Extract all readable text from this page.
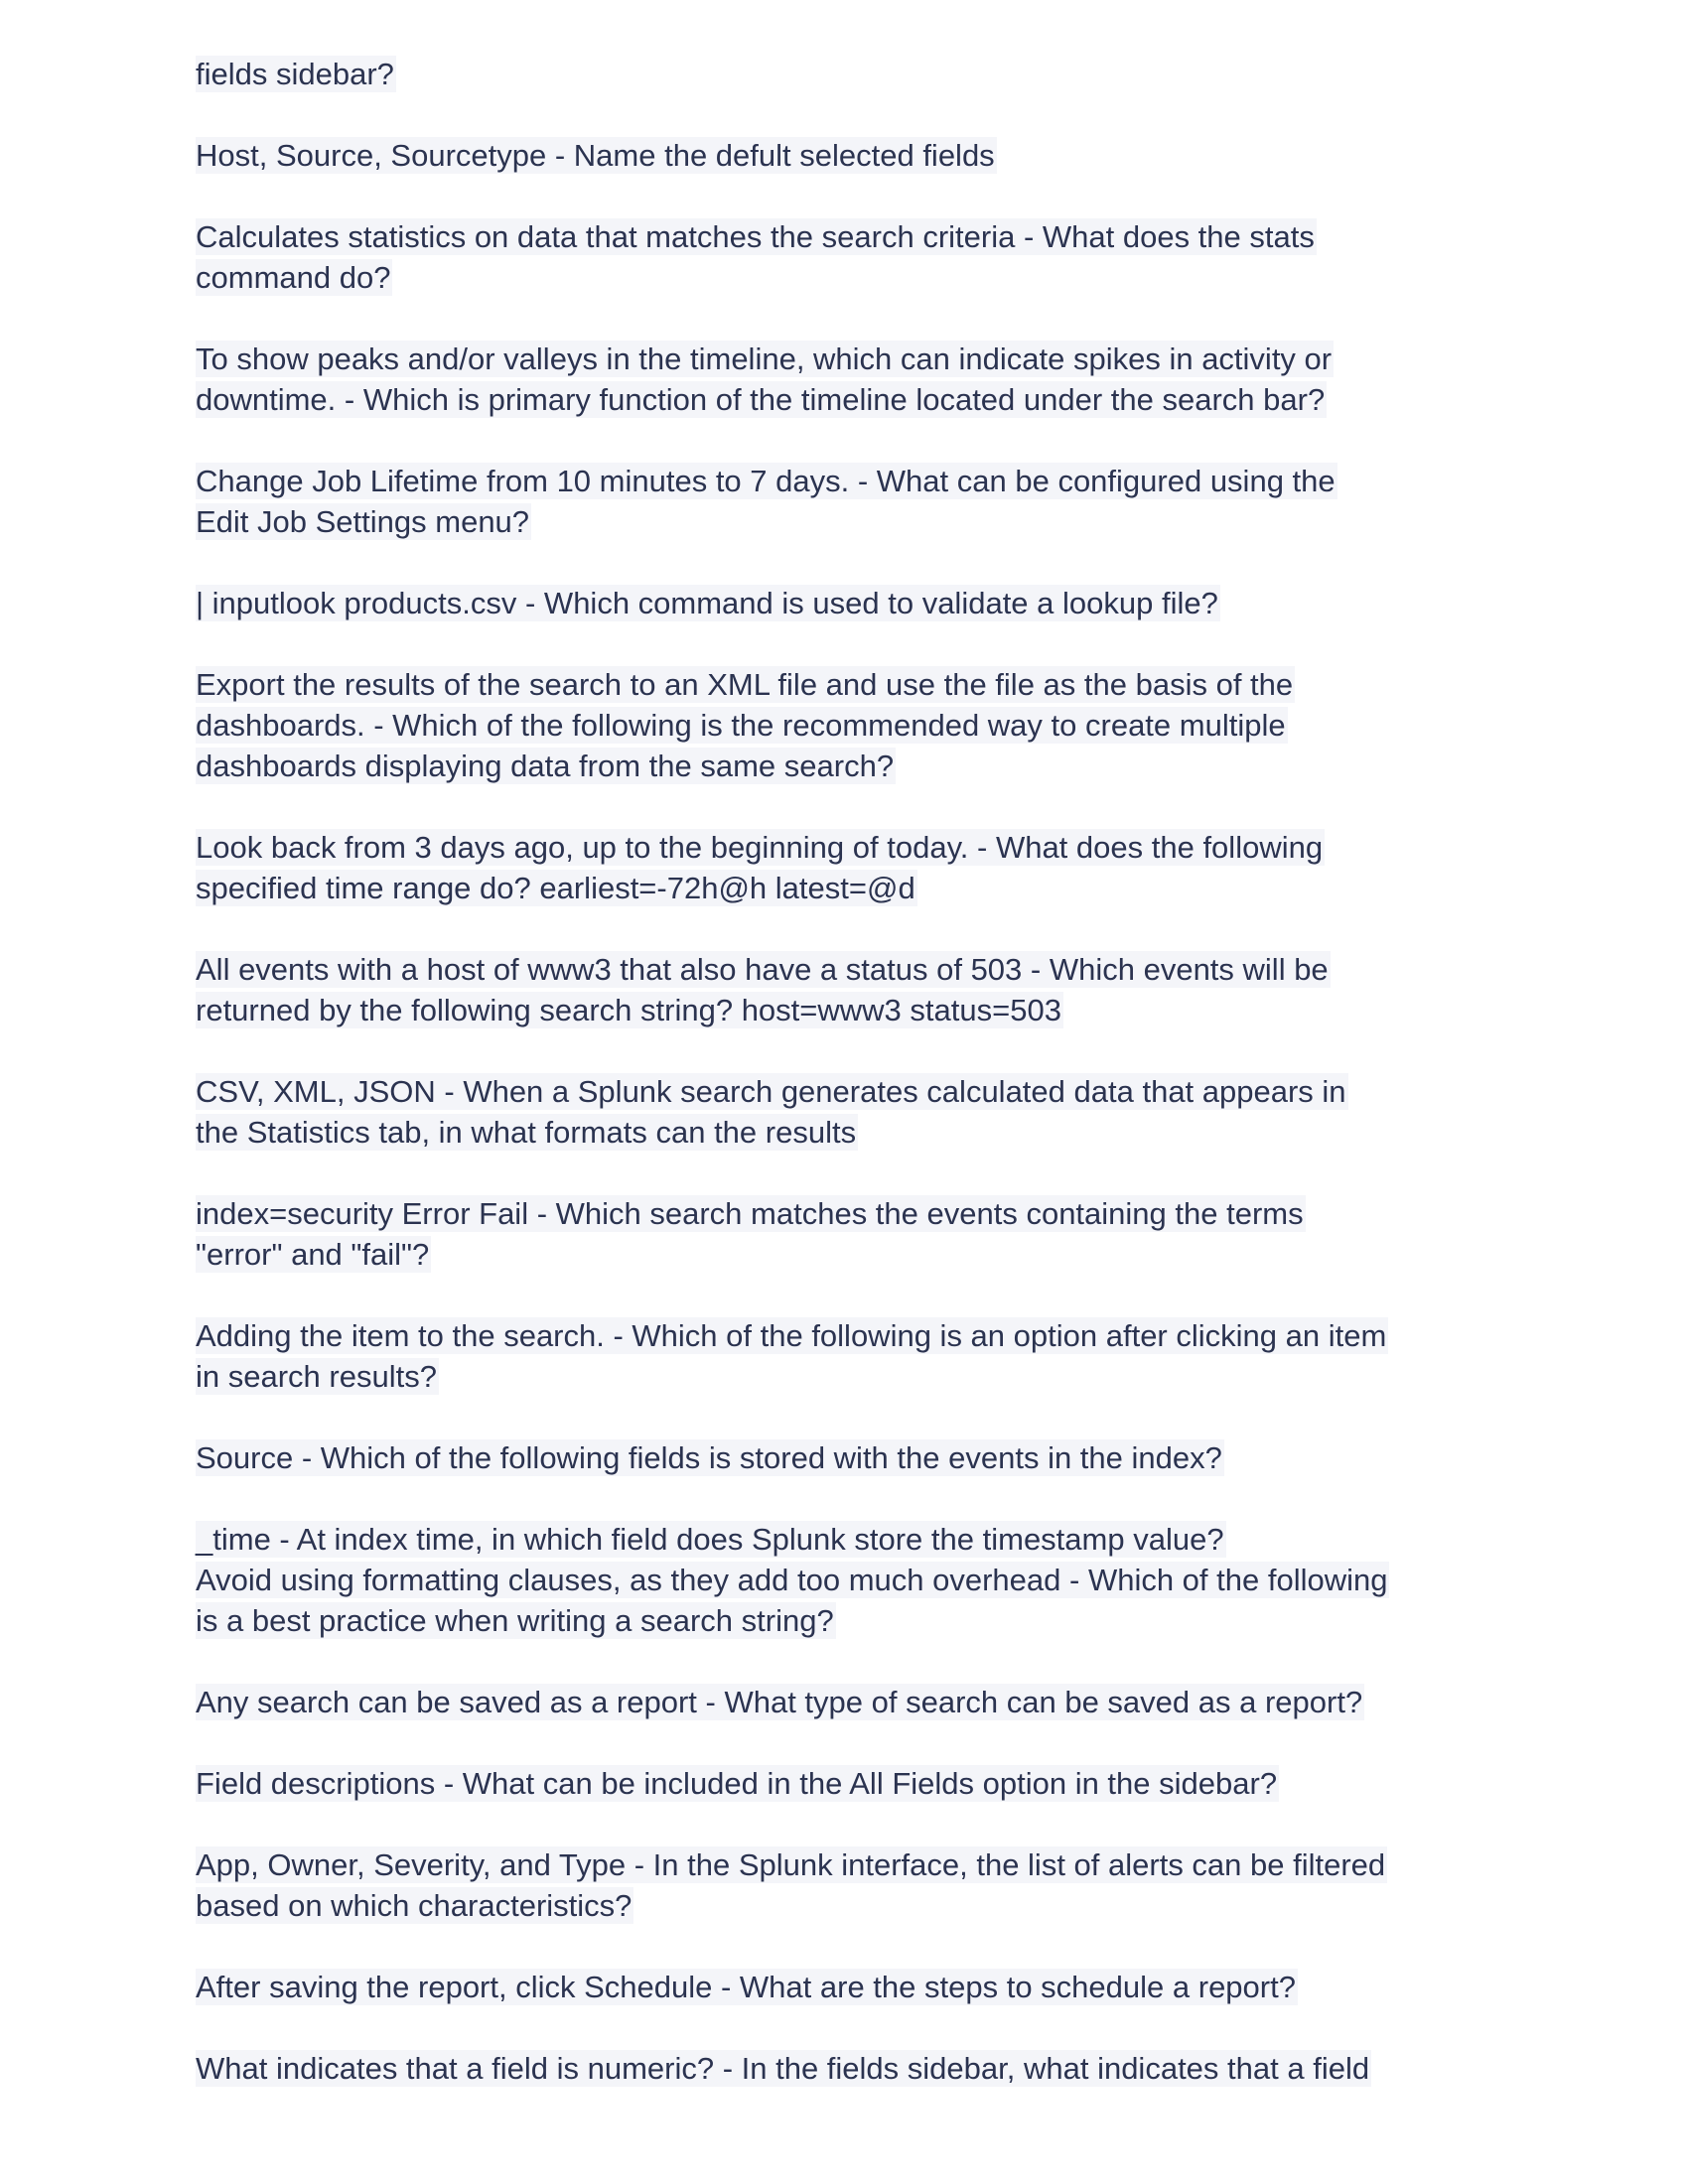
fields sidebar?
Host, Source, Sourcetype - Name the defult selected fields
Calculates statistics on data that matches the search criteria - What does the stats
command do?
To show peaks and/or valleys in the timeline, which can indicate spikes in activity or
downtime. - Which is primary function of the timeline located under the search bar?
Change Job Lifetime from 10 minutes to 7 days. - What can be configured using the
Edit Job Settings menu?
| inputlook products.csv - Which command is used to validate a lookup file?
Export the results of the search to an XML file and use the file as the basis of the
dashboards. - Which of the following is the recommended way to create multiple
dashboards displaying data from the same search?
Look back from 3 days ago, up to the beginning of today. - What does the following
specified time range do? earliest=-72h@h latest=@d
All events with a host of www3 that also have a status of 503 - Which events will be
returned by the following search string? host=www3 status=503
CSV, XML, JSON - When a Splunk search generates calculated data that appears in
the Statistics tab, in what formats can the results
index=security Error Fail - Which search matches the events containing the terms
"error" and "fail"?
Adding the item to the search. - Which of the following is an option after clicking an item
in search results?
Source - Which of the following fields is stored with the events in the index?
_time - At index time, in which field does Splunk store the timestamp value?
Avoid using formatting clauses, as they add too much overhead - Which of the following
is a best practice when writing a search string?
Any search can be saved as a report - What type of search can be saved as a report?
Field descriptions - What can be included in the All Fields option in the sidebar?
App, Owner, Severity, and Type - In the Splunk interface, the list of alerts can be filtered
based on which characteristics?
After saving the report, click Schedule - What are the steps to schedule a report?
What indicates that a field is numeric? - In the fields sidebar, what indicates that a field
